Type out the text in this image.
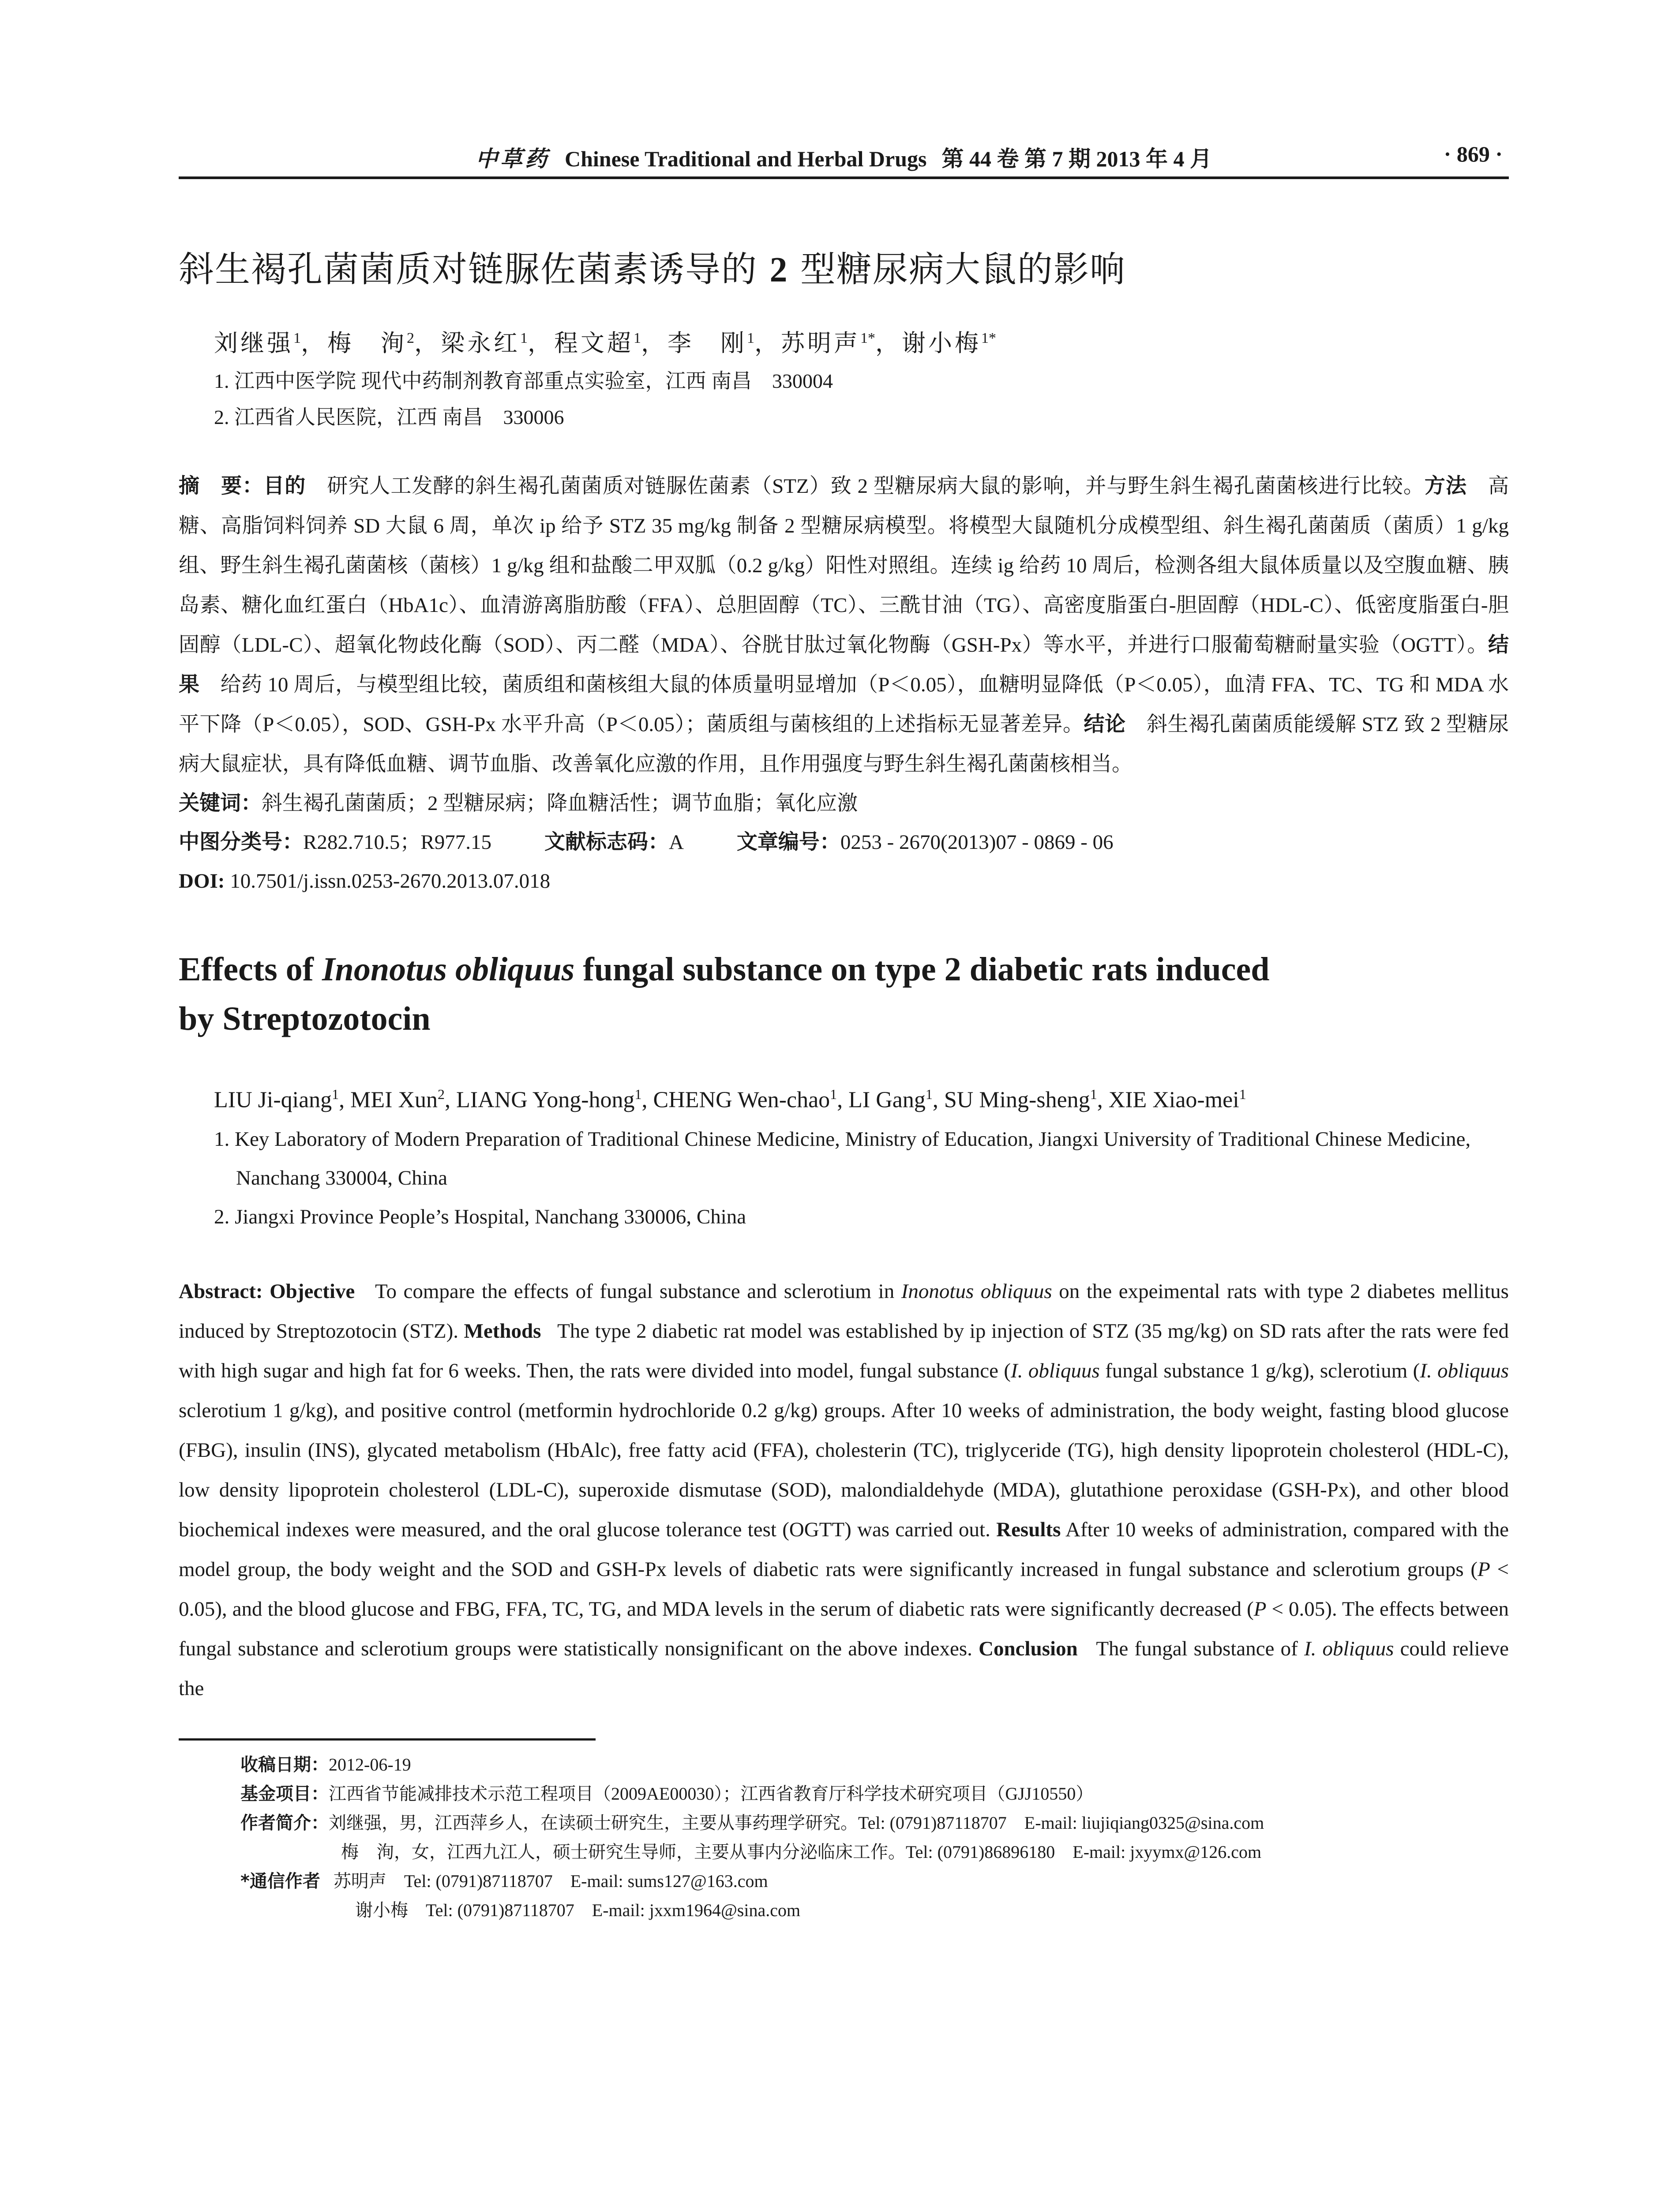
中草药 Chinese Traditional and Herbal Drugs 第 44 卷 第 7 期 2013 年 4 月	· 869 ·
斜生褐孔菌菌质对链脲佐菌素诱导的 2 型糖尿病大鼠的影响
刘继强$^1$，梅　洵$^2$，梁永红$^1$，程文超$^1$，李　刚$^1$，苏明声$^{1*}$，谢小梅$^{1*}$
1. 江西中医学院 现代中药制剂教育部重点实验室，江西 南昌　330004
2. 江西省人民医院，江西 南昌　330006
摘　要：目的　 研究人工发酵的斜生褐孔菌菌质对链脲佐菌素（STZ）致 2 型糖尿病大鼠的影响，并与野生斜生褐孔菌菌核进行比较。方法　 高糖、高脂饲料饲养 SD 大鼠 6 周，单次 ip 给予 STZ 35 mg/kg 制备 2 型糖尿病模型。将模型大鼠随机分成模型组、斜生褐孔菌菌质（菌质）1 g/kg 组、野生斜生褐孔菌菌核（菌核）1 g/kg 组和盐酸二甲双胍（0.2 g/kg）阳性对照组。连续 ig 给药 10 周后，检测各组大鼠体质量以及空腹血糖、胰岛素、糖化血红蛋白（HbA1c）、血清游离脂肪酸（FFA）、总胆固醇（TC）、三酰甘油（TG）、高密度脂蛋白-胆固醇（HDL-C）、低密度脂蛋白-胆固醇（LDL-C）、超氧化物歧化酶（SOD）、丙二醛（MDA）、谷胱甘肽过氧化物酶（GSH-Px）等水平，并进行口服葡萄糖耐量实验（OGTT）。结果　 给药 10 周后，与模型组比较，菌质组和菌核组大鼠的体质量明显增加（P＜0.05），血糖明显降低（P＜0.05），血清 FFA、TC、TG 和 MDA 水平下降（P＜0.05），SOD、GSH-Px 水平升高（P＜0.05）；菌质组与菌核组的上述指标无显著差异。结论　 斜生褐孔菌菌质能缓解 STZ 致 2 型糖尿病大鼠症状，具有降低血糖、调节血脂、改善氧化应激的作用，且作用强度与野生斜生褐孔菌菌核相当。
关键词：斜生褐孔菌菌质；2 型糖尿病；降血糖活性；调节血脂；氧化应激
中图分类号：R282.710.5；R977.15	文献标志码：A	文章编号：0253 - 2670(2013)07 - 0869 - 06
DOI: 10.7501/j.issn.0253-2670.2013.07.018
Effects of Inonotus obliquus fungal substance on type 2 diabetic rats induced
by Streptozotocin
LIU Ji-qiang$^1$, MEI Xun$^2$, LIANG Yong-hong$^1$, CHENG Wen-chao$^1$, LI Gang$^1$, SU Ming-sheng$^1$, XIE Xiao-mei$^1$
1. Key Laboratory of Modern Preparation of Traditional Chinese Medicine, Ministry of Education, Jiangxi University of Traditional Chinese Medicine, Nanchang 330004, China
2. Jiangxi Province People’s Hospital, Nanchang 330006, China
Abstract: Objective To compare the effects of fungal substance and sclerotium in Inonotus obliquus on the expeimental rats with type 2 diabetes mellitus induced by Streptozotocin (STZ). Methods The type 2 diabetic rat model was established by ip injection of STZ (35 mg/kg) on SD rats after the rats were fed with high sugar and high fat for 6 weeks. Then, the rats were divided into model, fungal substance (I. obliquus fungal substance 1 g/kg), sclerotium (I. obliquus sclerotium 1 g/kg), and positive control (metformin hydrochloride 0.2 g/kg) groups. After 10 weeks of administration, the body weight, fasting blood glucose (FBG), insulin (INS), glycated metabolism (HbAlc), free fatty acid (FFA), cholesterin (TC), triglyceride (TG), high density lipoprotein cholesterol (HDL-C), low density lipoprotein cholesterol (LDL-C), superoxide dismutase (SOD), malondialdehyde (MDA), glutathione peroxidase (GSH-Px), and other blood biochemical indexes were measured, and the oral glucose tolerance test (OGTT) was carried out. Results After 10 weeks of administration, compared with the model group, the body weight and the SOD and GSH-Px levels of diabetic rats were significantly increased in fungal substance and sclerotium groups (P < 0.05), and the blood glucose and FBG, FFA, TC, TG, and MDA levels in the serum of diabetic rats were significantly decreased (P < 0.05). The effects between fungal substance and sclerotium groups were statistically nonsignificant on the above indexes. Conclusion The fungal substance of I. obliquus could relieve the
收稿日期： 2012-06-19
基金项目： 江西省节能减排技术示范工程项目（2009AE00030）；江西省教育厅科学技术研究项目（GJJ10550）
作者简介： 刘继强，男，江西萍乡人，在读硕士研究生，主要从事药理学研究。Tel: (0791)87118707　E-mail: liujiqiang0325@sina.com
梅　洵，女，江西九江人，硕士研究生导师，主要从事内分泌临床工作。Tel: (0791)86896180　E-mail: jxyymx@126.com
*通信作者
苏明声　Tel: (0791)87118707　E-mail: sums127@163.com
谢小梅　Tel: (0791)87118707　E-mail: jxxm1964@sina.com
